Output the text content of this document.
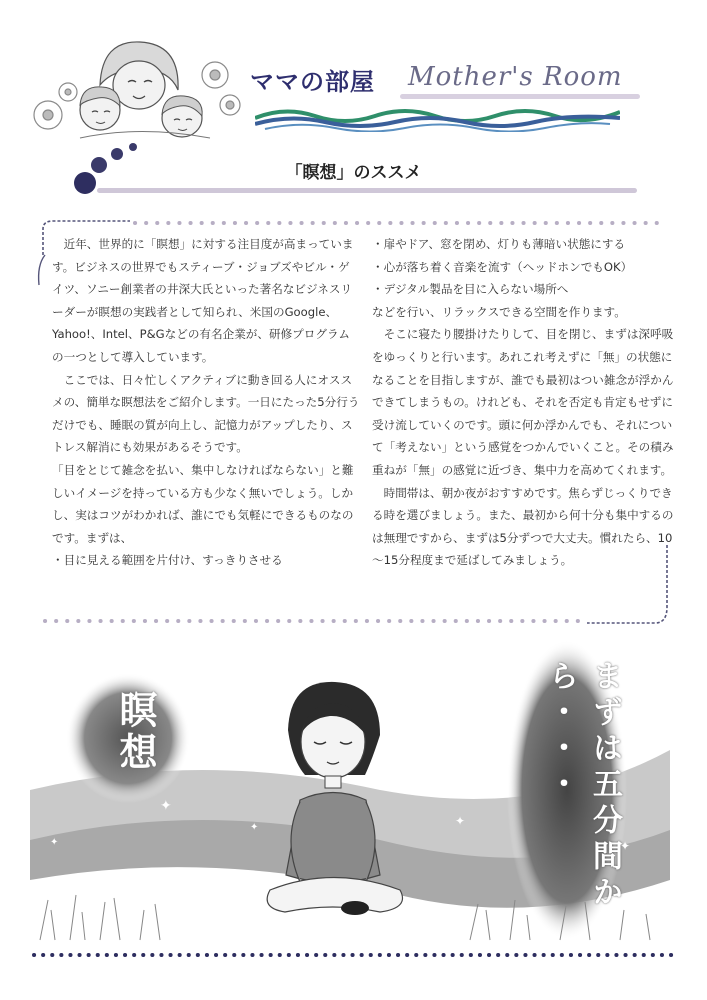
ママの部屋 Mother's Room
「瞑想」のススメ

近年、世界的に「瞑想」に対する注目度が高まっています。ビジネスの世界でもスティーブ・ジョブズやビル・ゲイツ、ソニー創業者の井深大氏といった著名なビジネスリーダーが瞑想の実践者として知られ、米国のGoogle、Yahoo!、Intel、P&Gなどの有名企業が、研修プログラムの一つとして導入しています。

ここでは、日々忙しくアクティブに動き回る人にオススメの、簡単な瞑想法をご紹介します。一日にたった5分行うだけでも、睡眠の質が向上し、記憶力がアップしたり、ストレス解消にも効果があるそうです。

「目をとじて雑念を払い、集中しなければならない」と難しいイメージを持っている方も少なく無いでしょう。しかし、実はコツがわかれば、誰にでも気軽にできるものなのです。まずは、

・目に見える範囲を片付け、すっきりさせる

・扉やドア、窓を閉め、灯りも薄暗い状態にする

・心が落ち着く音楽を流す（ヘッドホンでもOK）

・デジタル製品を目に入らない場所へ

などを行い、リラックスできる空間を作ります。

そこに寝たり腰掛けたりして、目を閉じ、まずは深呼吸をゆっくりと行います。あれこれ考えずに「無」の状態になることを目指しますが、誰でも最初はつい雑念が浮かんできてしまうもの。けれども、それを否定も肯定もせずに受け流していくのです。頭に何か浮かんでも、それについて「考えない」という感覚をつかんでいくこと。その積み重ねが「無」の感覚に近づき、集中力を高めてくれます。

時間帯は、朝か夜がおすすめです。焦らずじっくりできる時を選びましょう。また、最初から何十分も集中するのは無理ですから、まずは5分ずつで大丈夫。慣れたら、10～15分程度まで延ばしてみましょう。

✦
✦	✦
✦
✦
✦
瞑想	まずは五分間から・・・
